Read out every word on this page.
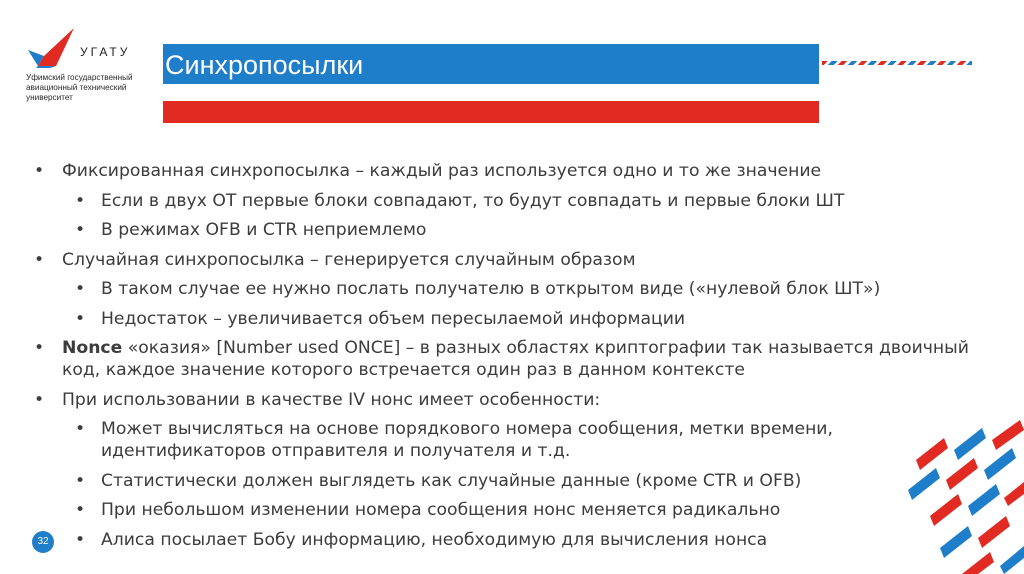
УГАТУ
Уфимский государственный авиационный технический университет
Синхропосылки
• Фиксированная синхропосылка – каждый раз используется одно и то же значение
• Если в двух ОТ первые блоки совпадают, то будут совпадать и первые блоки ШТ
• В режимах OFB и CTR неприемлемо
• Случайная синхропосылка – генерируется случайным образом
• В таком случае ее нужно послать получателю в открытом виде («нулевой блок ШТ»)
• Недостаток – увеличивается объем пересылаемой информации
• Nonce «оказия» [Number used ONCE] – в разных областях криптографии так называется двоичный код, каждое значение которого встречается один раз в данном контексте
• При использовании в качестве IV нонс имеет особенности:
• Может вычисляться на основе порядкового номера сообщения, метки времени, идентификаторов отправителя и получателя и т.д.
• Статистически должен выглядеть как случайные данные (кроме CTR и OFB)
• При небольшом изменении номера сообщения нонс меняется радикально
• Алиса посылает Бобу информацию, необходимую для вычисления нонса
32
